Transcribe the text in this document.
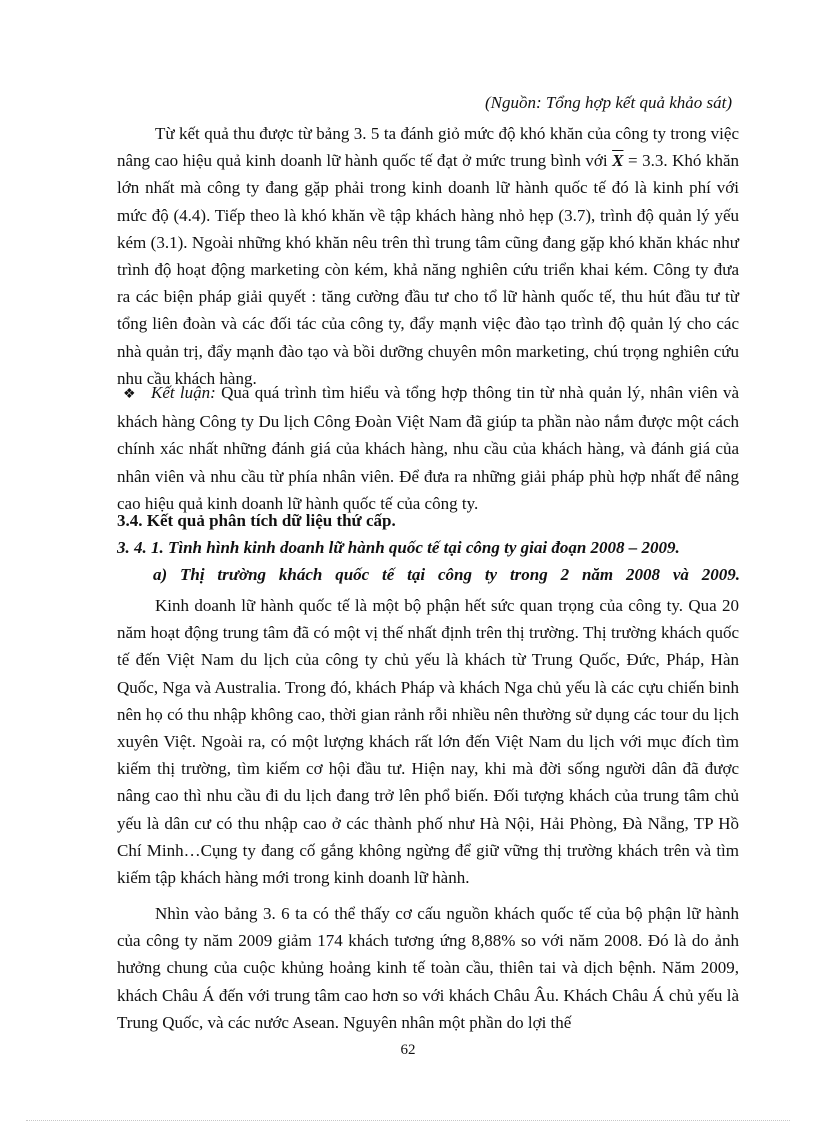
(Nguồn: Tổng hợp kết quả khảo sát)

Từ kết quả thu được từ bảng 3. 5 ta đánh giỏ mức độ khó khăn của công ty trong việc nâng cao hiệu quả kinh doanh lữ hành quốc tế đạt ở mức trung bình với $\overline{X} = 3.3$. Khó khăn lớn nhất mà công ty đang gặp phải trong kinh doanh lữ hành quốc tế đó là kinh phí với mức độ (4.4). Tiếp theo là khó khăn về tập khách hàng nhỏ hẹp (3.7), trình độ quản lý yếu kém (3.1). Ngoài những khó khăn nêu trên thì trung tâm cũng đang gặp khó khăn khác như trình độ hoạt động marketing còn kém, khả năng nghiên cứu triển khai kém. Công ty đưa ra các biện pháp giải quyết : tăng cường đầu tư cho tổ lữ hành quốc tế, thu hút đầu tư từ tổng liên đoàn và các đối tác của công ty, đẩy mạnh việc đào tạo trình độ quản lý cho các nhà quản trị, đẩy mạnh đào tạo và bồi dưỡng chuyên môn marketing, chú trọng nghiên cứu nhu cầu khách hàng.

❖ Kết luận: Qua quá trình tìm hiểu và tổng hợp thông tin từ nhà quản lý, nhân viên và khách hàng Công ty Du lịch Công Đoàn Việt Nam đã giúp ta phần nào nắm được một cách chính xác nhất những đánh giá của khách hàng, nhu cầu của khách hàng, và đánh giá của nhân viên và nhu cầu từ phía nhân viên. Để đưa ra những giải pháp phù hợp nhất để nâng cao hiệu quả kinh doanh lữ hành quốc tế của công ty.

3.4. Kết quả phân tích dữ liệu thứ cấp.

3. 4. 1. Tình hình kinh doanh lữ hành quốc tế tại công ty giai đoạn 2008 – 2009.

a) Thị trường khách quốc tế tại công ty trong 2 năm 2008 và 2009.

Kinh doanh lữ hành quốc tế là một bộ phận hết sức quan trọng của công ty. Qua 20 năm hoạt động trung tâm đã có một vị thế nhất định trên thị trường. Thị trường khách quốc tế đến Việt Nam du lịch của công ty chủ yếu là khách từ Trung Quốc, Đức, Pháp, Hàn Quốc, Nga và Australia. Trong đó, khách Pháp và khách Nga chủ yếu là các cựu chiến binh nên họ có thu nhập không cao, thời gian rảnh rỗi nhiều nên thường sử dụng các tour du lịch xuyên Việt. Ngoài ra, có một lượng khách rất lớn đến Việt Nam du lịch với mục đích tìm kiếm thị trường, tìm kiếm cơ hội đầu tư. Hiện nay, khi mà đời sống người dân đã được nâng cao thì nhu cầu đi du lịch đang trở lên phổ biến. Đối tượng khách của trung tâm chủ yếu là dân cư có thu nhập cao ở các thành phố như Hà Nội, Hải Phòng, Đà Nẵng, TP Hồ Chí Minh…Cụng ty đang cố gắng không ngừng để giữ vững thị trường khách trên và tìm kiếm tập khách hàng mới trong kinh doanh lữ hành.

Nhìn vào bảng 3. 6 ta có thể thấy cơ cấu nguồn khách quốc tế của bộ phận lữ hành của công ty năm 2009 giảm 174 khách tương ứng 8,88% so với năm 2008. Đó là do ảnh hưởng chung của cuộc khủng hoảng kinh tế toàn cầu, thiên tai và dịch bệnh. Năm 2009, khách Châu Á đến với trung tâm cao hơn so với khách Châu Âu. Khách Châu Á chủ yếu là Trung Quốc, và các nước Asean. Nguyên nhân một phần do lợi thế

62
